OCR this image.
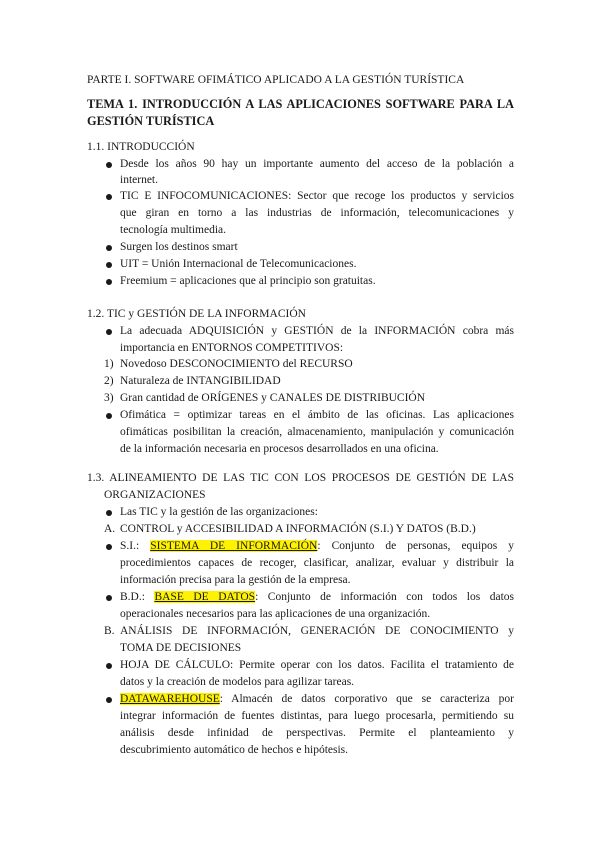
PARTE I. SOFTWARE OFIMÁTICO APLICADO A LA GESTIÓN TURÍSTICA
TEMA 1. INTRODUCCIÓN A LAS APLICACIONES SOFTWARE PARA LA
GESTIÓN TURÍSTICA
1.1. INTRODUCCIÓN
Desde los años 90 hay un importante aumento del acceso de la población a
internet.
TIC E INFOCOMUNICACIONES: Sector que recoge los productos y servicios
que giran en torno a las industrias de información, telecomunicaciones y
tecnología multimedia.
Surgen los destinos smart
UIT = Unión Internacional de Telecomunicaciones.
Freemium = aplicaciones que al principio son gratuitas.
1.2. TIC y GESTIÓN DE LA INFORMACIÓN
La adecuada ADQUISICIÓN y GESTIÓN de la INFORMACIÓN cobra más
importancia en ENTORNOS COMPETITIVOS:
1) Novedoso DESCONOCIMIENTO del RECURSO
2) Naturaleza de INTANGIBILIDAD
3) Gran cantidad de ORÍGENES y CANALES DE DISTRIBUCIÓN
Ofimática = optimizar tareas en el ámbito de las oficinas. Las aplicaciones
ofimáticas posibilitan la creación, almacenamiento, manipulación y comunicación
de la información necesaria en procesos desarrollados en una oficina.
1.3. ALINEAMIENTO DE LAS TIC CON LOS PROCESOS DE GESTIÓN DE LAS
ORGANIZACIONES
Las TIC y la gestión de las organizaciones:
A. CONTROL y ACCESIBILIDAD A INFORMACIÓN (S.I.) Y DATOS (B.D.)
S.I.: SISTEMA DE INFORMACIÓN: Conjunto de personas, equipos y
procedimientos capaces de recoger, clasificar, analizar, evaluar y distribuir la
información precisa para la gestión de la empresa.
B.D.: BASE DE DATOS: Conjunto de información con todos los datos
operacionales necesarios para las aplicaciones de una organización.
B. ANÁLISIS DE INFORMACIÓN, GENERACIÓN DE CONOCIMIENTO y
TOMA DE DECISIONES
HOJA DE CÁLCULO: Permite operar con los datos. Facilita el tratamiento de
datos y la creación de modelos para agilizar tareas.
DATAWAREHOUSE: Almacén de datos corporativo que se caracteriza por
integrar información de fuentes distintas, para luego procesarla, permitiendo su
análisis desde infinidad de perspectivas. Permite el planteamiento y
descubrimiento automático de hechos e hipótesis.
